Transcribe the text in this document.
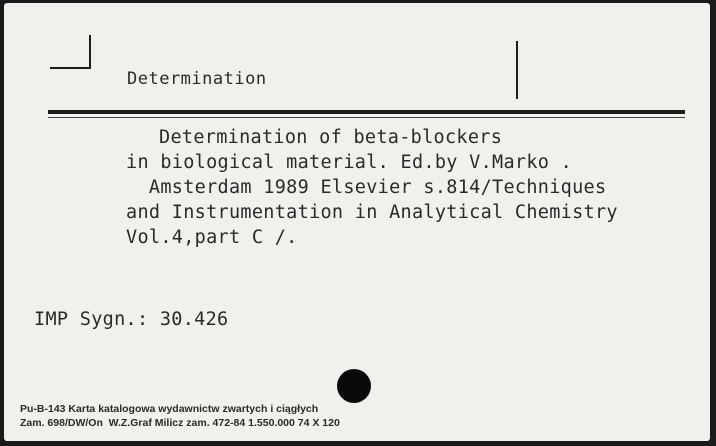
Determination
Determination of beta-blockers
in biological material. Ed.by V.Marko .
Amsterdam 1989 Elsevier s.814/Techniques
and Instrumentation in Analytical Chemistry
Vol.4,part C /.
IMP Sygn.: 30.426
Pu-B-143 Karta katalogowa wydawnictw zwartych i ciągłych
Zam. 698/DW/On  W.Z.Graf Milicz zam. 472-84 1.550.000 74 X 120
